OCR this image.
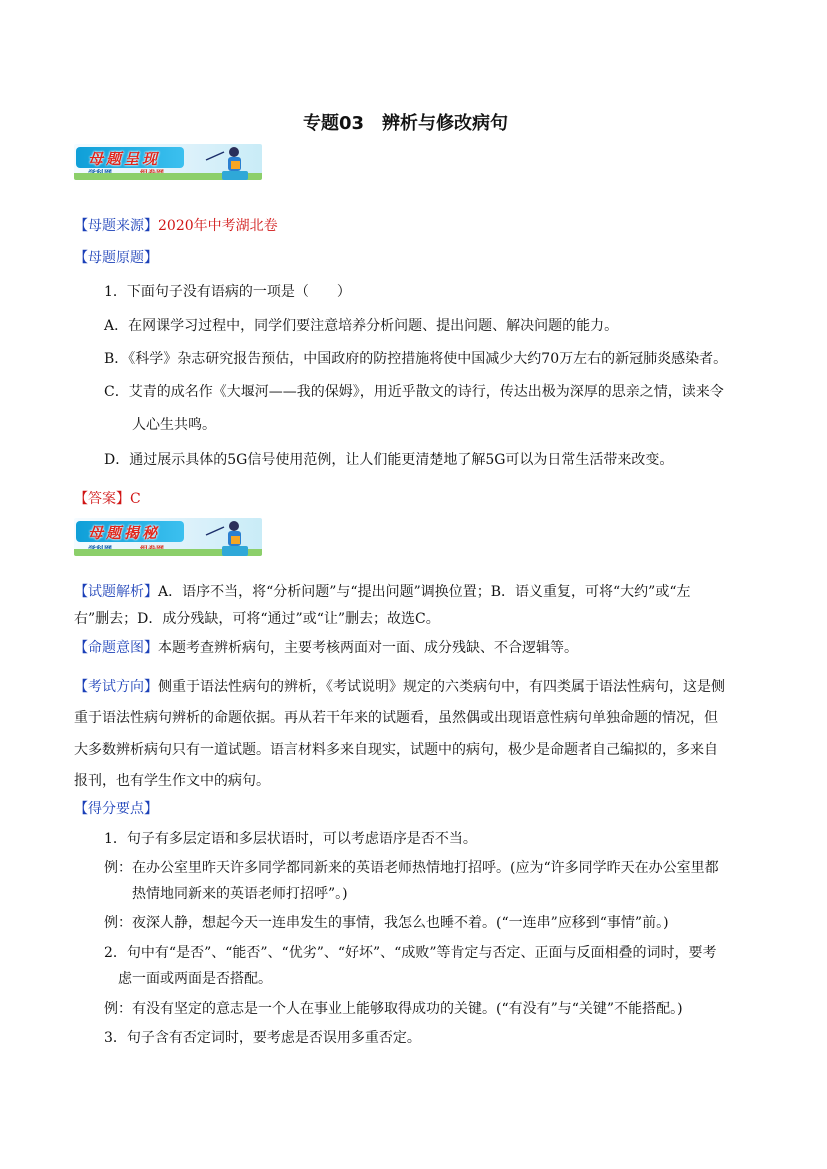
专题03　辨析与修改病句
母题呈现
【母题来源】2020年中考湖北卷
【母题原题】
1．下面句子没有语病的一项是（　　）
A．在网课学习过程中，同学们要注意培养分析问题、提出问题、解决问题的能力。
B．《科学》杂志研究报告预估，中国政府的防控措施将使中国减少大约70万左右的新冠肺炎感染者。
C．艾青的成名作《大堰河——我的保姆》，用近乎散文的诗行，传达出极为深厚的思亲之情，读来令
人心生共鸣。
D．通过展示具体的5G信号使用范例，让人们能更清楚地了解5G可以为日常生活带来改变。
【答案】C
母题揭秘
【试题解析】A．语序不当，将“分析问题”与“提出问题”调换位置；B．语义重复，可将“大约”或“左
右”删去；D．成分残缺，可将“通过”或“让”删去；故选C。
【命题意图】本题考查辨析病句，主要考核两面对一面、成分残缺、不合逻辑等。
【考试方向】侧重于语法性病句的辨析，《考试说明》规定的六类病句中，有四类属于语法性病句，这是侧
重于语法性病句辨析的命题依据。再从若干年来的试题看，虽然偶或出现语意性病句单独命题的情况，但
大多数辨析病句只有一道试题。语言材料多来自现实，试题中的病句，极少是命题者自己编拟的，多来自
报刊，也有学生作文中的病句。
【得分要点】
1．句子有多层定语和多层状语时，可以考虑语序是否不当。
例：在办公室里昨天许多同学都同新来的英语老师热情地打招呼。(应为“许多同学昨天在办公室里都
热情地同新来的英语老师打招呼”。)
例：夜深人静，想起今天一连串发生的事情，我怎么也睡不着。(“一连串”应移到“事情”前。)
2．句中有“是否”、“能否”、“优劣”、“好坏”、“成败”等肯定与否定、正面与反面相叠的词时，要考
虑一面或两面是否搭配。
例：有没有坚定的意志是一个人在事业上能够取得成功的关键。(“有没有”与“关键”不能搭配。)
3．句子含有否定词时，要考虑是否误用多重否定。
